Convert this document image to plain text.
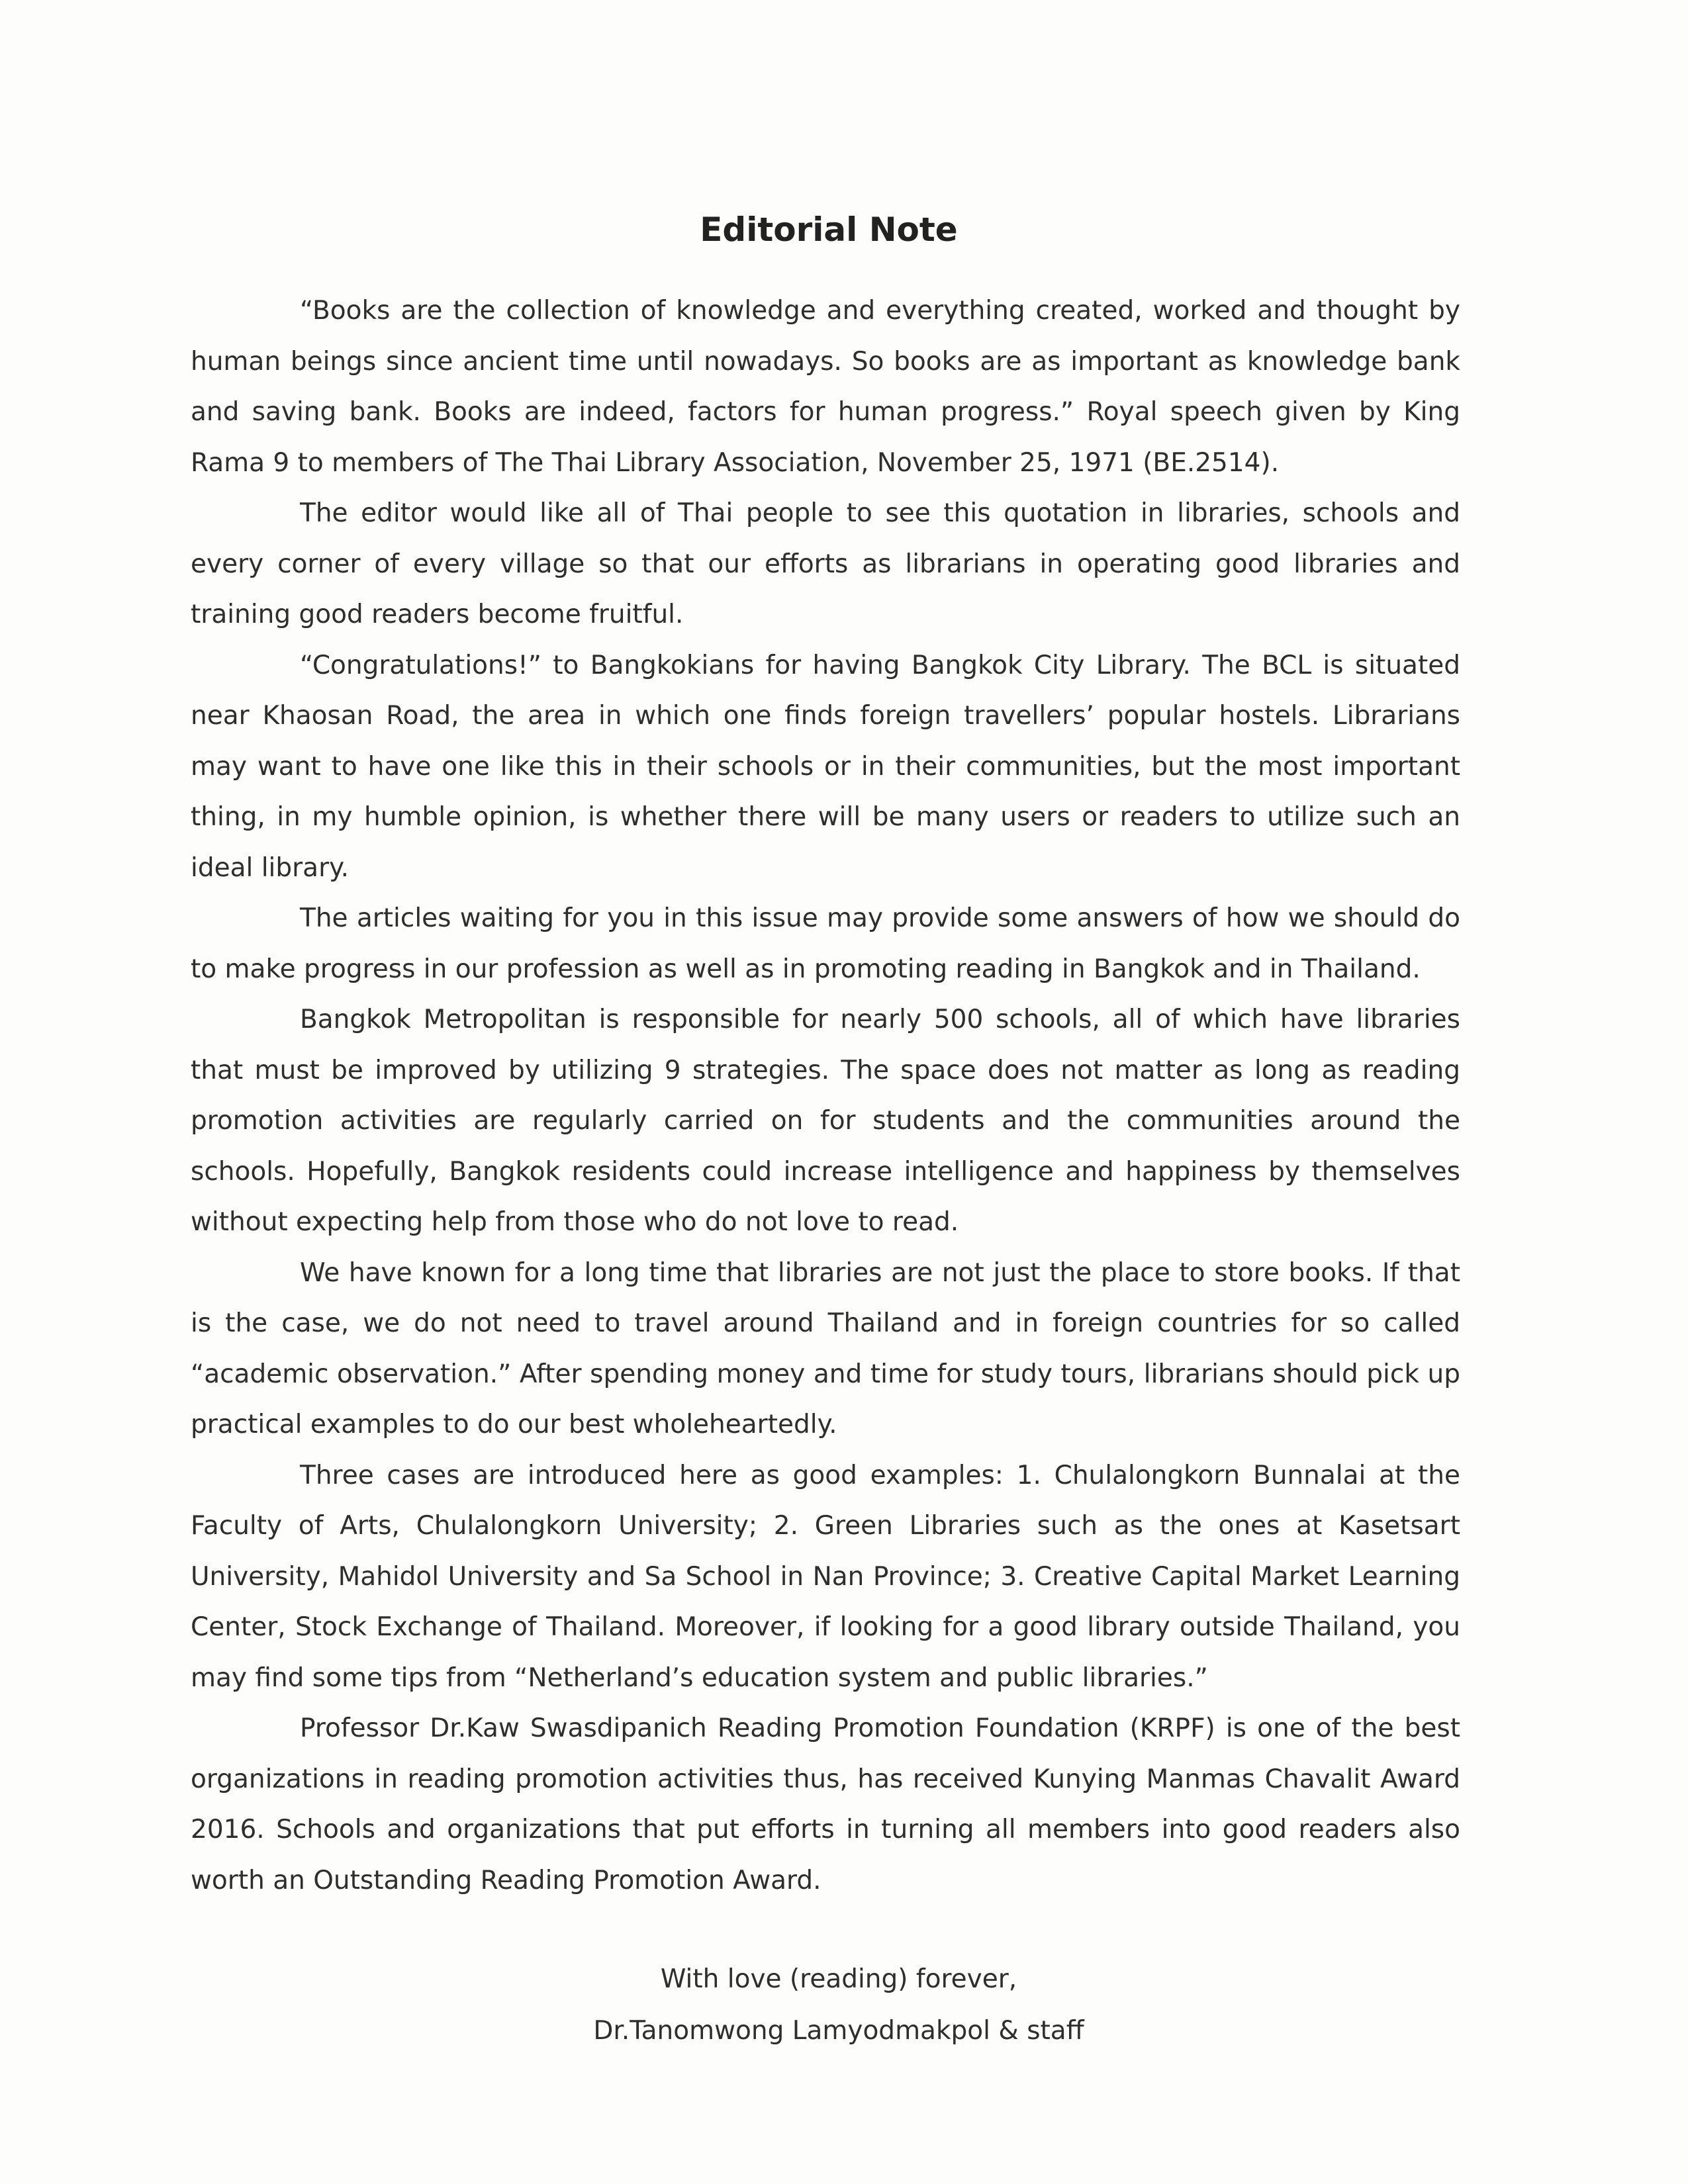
Editorial Note

“Books are the collection of knowledge and everything created, worked and thought by human beings since ancient time until nowadays. So books are as important as knowledge bank and saving bank. Books are indeed, factors for human progress.” Royal speech given by King Rama 9 to members of The Thai Library Association, November 25, 1971 (BE.2514).

The editor would like all of Thai people to see this quotation in libraries, schools and every corner of every village so that our efforts as librarians in operating good libraries and training good readers become fruitful.

“Congratulations!” to Bangkokians for having Bangkok City Library. The BCL is situated near Khaosan Road, the area in which one finds foreign travellers’ popular hostels. Librarians may want to have one like this in their schools or in their communities, but the most important thing, in my humble opinion, is whether there will be many users or readers to utilize such an ideal library.

The articles waiting for you in this issue may provide some answers of how we should do to make progress in our profession as well as in promoting reading in Bangkok and in Thailand.

Bangkok Metropolitan is responsible for nearly 500 schools, all of which have libraries that must be improved by utilizing 9 strategies. The space does not matter as long as reading promotion activities are regularly carried on for students and the communities around the schools. Hopefully, Bangkok residents could increase intelligence and happiness by themselves without expecting help from those who do not love to read.

We have known for a long time that libraries are not just the place to store books. If that is the case, we do not need to travel around Thailand and in foreign countries for so called “academic observation.” After spending money and time for study tours, librarians should pick up practical examples to do our best wholeheartedly.

Three cases are introduced here as good examples: 1. Chulalongkorn Bunnalai at the Faculty of Arts, Chulalongkorn University; 2. Green Libraries such as the ones at Kasetsart University, Mahidol University and Sa School in Nan Province; 3. Creative Capital Market Learning Center, Stock Exchange of Thailand. Moreover, if looking for a good library outside Thailand, you may find some tips from “Netherland’s education system and public libraries.”

Professor Dr.Kaw Swasdipanich Reading Promotion Foundation (KRPF) is one of the best organizations in reading promotion activities thus, has received Kunying Manmas Chavalit Award 2016. Schools and organizations that put efforts in turning all members into good readers also worth an Outstanding Reading Promotion Award.

With love (reading) forever,
Dr.Tanomwong Lamyodmakpol & staff
